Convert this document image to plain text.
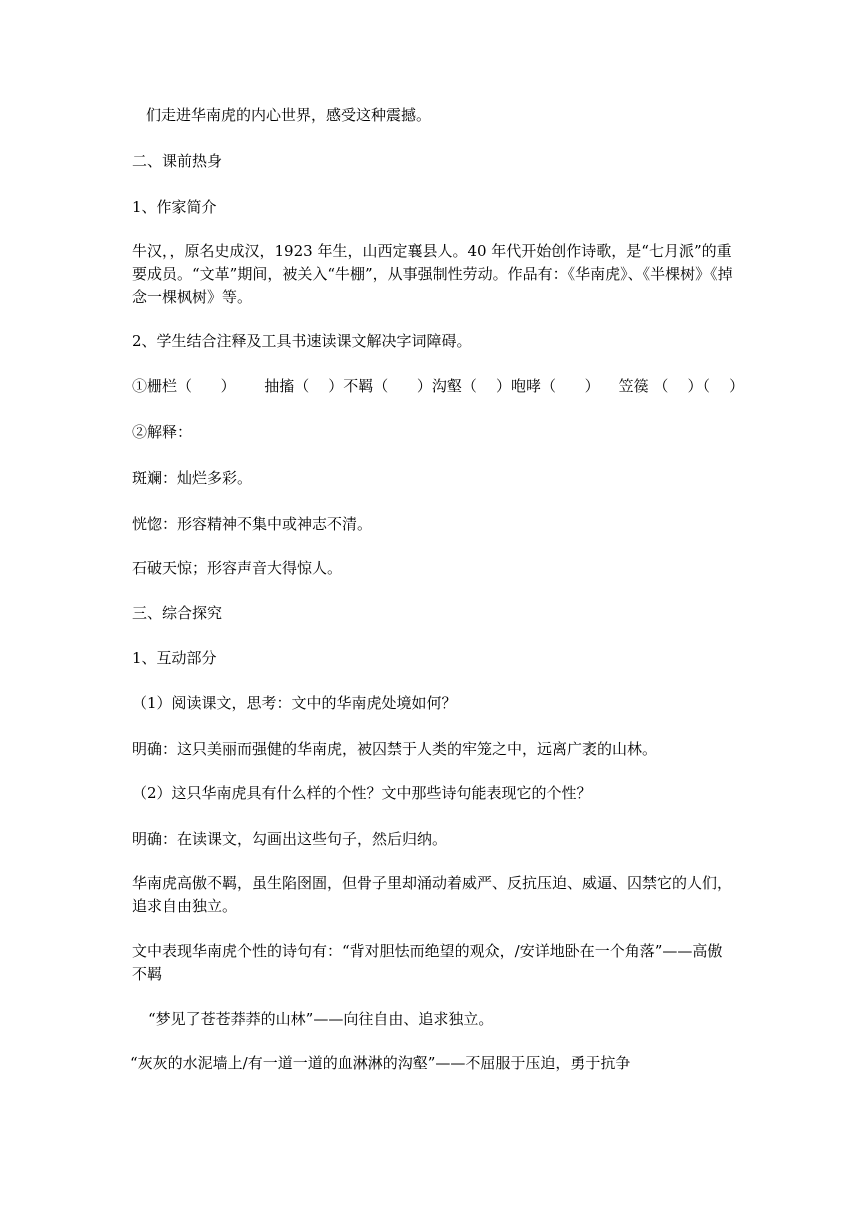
们走进华南虎的内心世界，感受这种震撼。
二、课前热身
1、作家简介
牛汉，，原名史成汉，1923 年生，山西定襄县人。40 年代开始创作诗歌，是“七月派”的重要成员。“文革”期间，被关入“牛棚”，从事强制性劳动。作品有：《华南虎》、《半棵树》《掉念一棵枫树》等。
2、学生结合注释及工具书速读课文解决字词障碍。
①栅栏（      ）      抽搐（    ）不羁（      ）沟壑（    ）咆哮（      ）    笠篌 （    ）（    ）
②解释：
斑斓：灿烂多彩。
恍惚：形容精神不集中或神志不清。
石破天惊；形容声音大得惊人。
三、综合探究
1、互动部分
（1）阅读课文，思考：文中的华南虎处境如何？
明确：这只美丽而强健的华南虎，被囚禁于人类的牢笼之中，远离广袤的山林。
（2）这只华南虎具有什么样的个性？文中那些诗句能表现它的个性？
明确：在读课文，勾画出这些句子，然后归纳。
华南虎高傲不羁，虽生陷囹圄，但骨子里却涌动着威严、反抗压迫、威逼、囚禁它的人们，追求自由独立。
文中表现华南虎个性的诗句有：“背对胆怯而绝望的观众，/安详地卧在一个角落”——高傲不羁
“梦见了苍苍莽莽的山林”——向往自由、追求独立。
“灰灰的水泥墙上/有一道一道的血淋淋的沟壑”——不屈服于压迫，勇于抗争
